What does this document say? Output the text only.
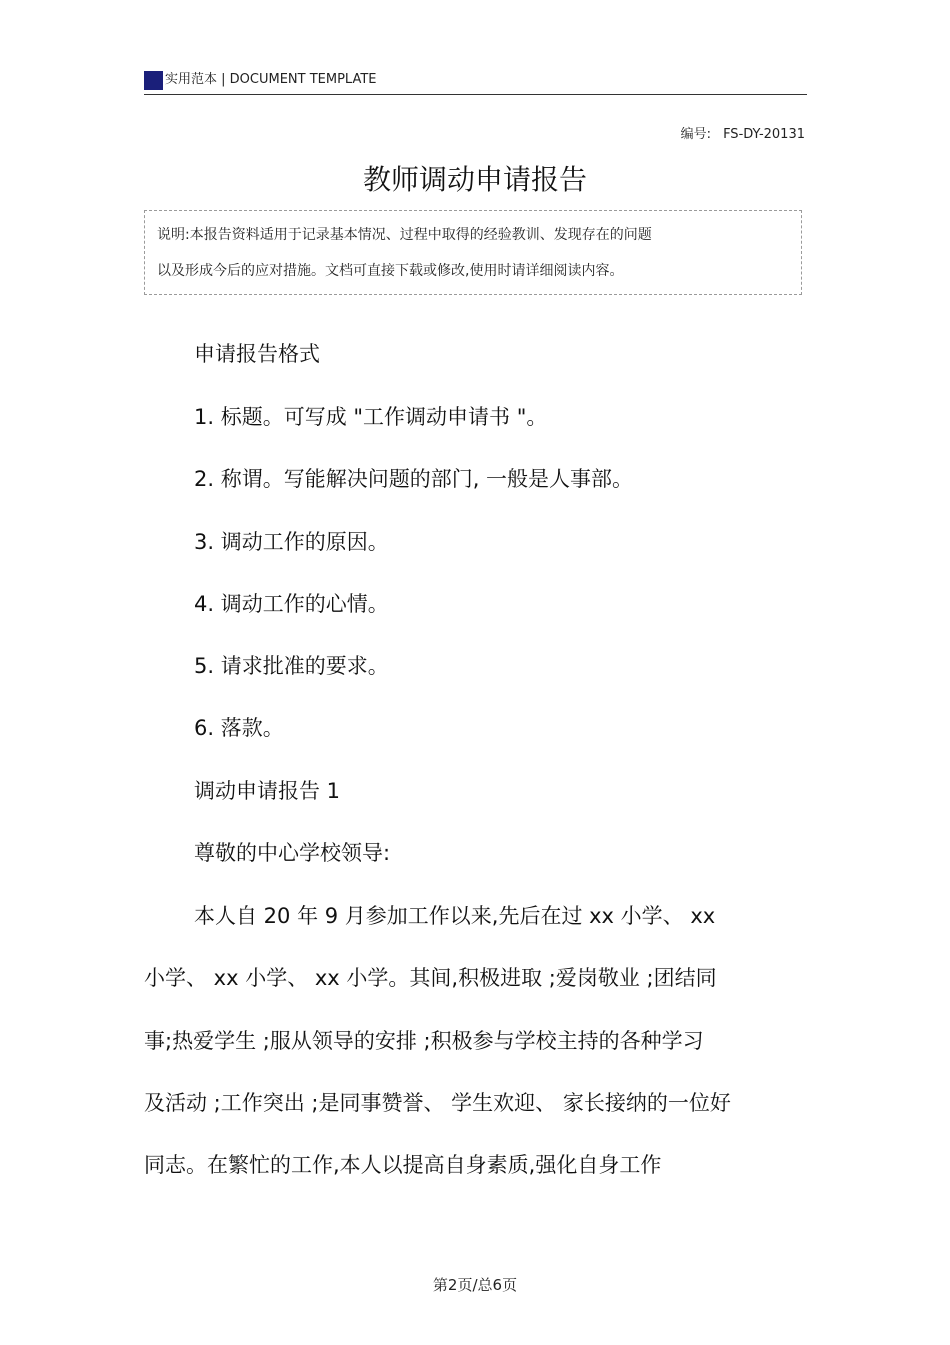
实用范本 | DOCUMENT TEMPLATE
编号: FS-DY-20131
教师调动申请报告
说明:本报告资料适用于记录基本情况、过程中取得的经验教训、发现存在的问题
以及形成今后的应对措施。文档可直接下载或修改,使用时请详细阅读内容。
申请报告格式
1. 标题。可写成 "工作调动申请书 "。
2. 称谓。写能解决问题的部门, 一般是人事部。
3. 调动工作的原因。
4. 调动工作的心情。
5. 请求批准的要求。
6. 落款。
调动申请报告 1
尊敬的中心学校领导:
本人自 20 年 9 月参加工作以来,先后在过 xx 小学、 xx
小学、 xx 小学、 xx 小学。其间,积极进取 ;爱岗敬业 ;团结同
事;热爱学生 ;服从领导的安排 ;积极参与学校主持的各种学习
及活动 ;工作突出 ;是同事赞誉、 学生欢迎、 家长接纳的一位好
同志。在繁忙的工作,本人以提高自身素质,强化自身工作
第2页/总6页
